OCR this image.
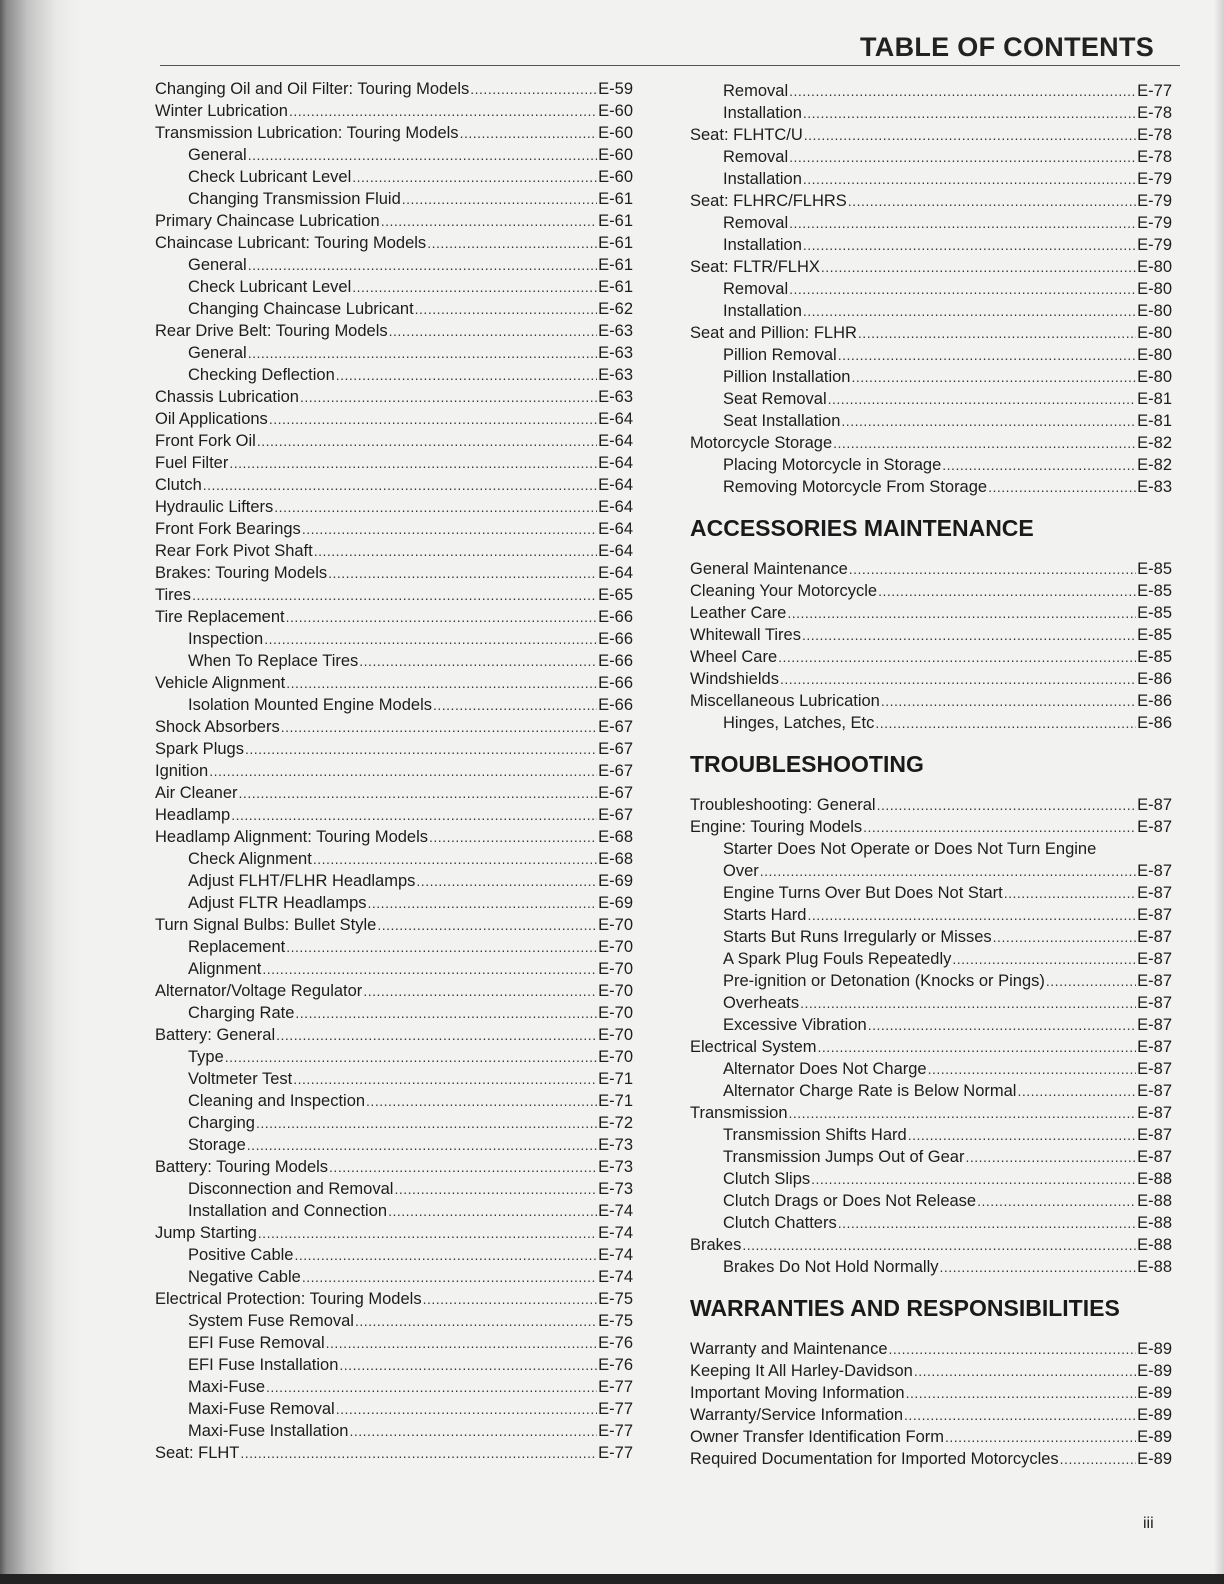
TABLE OF CONTENTS
Changing Oil and Oil Filter: Touring Models .....	E-59
Winter Lubrication .....	E-60
Transmission Lubrication: Touring Models .....	E-60
General .....	E-60
Check Lubricant Level .....	E-60
Changing Transmission Fluid .....	E-61
Primary Chaincase Lubrication .....	E-61
Chaincase Lubricant: Touring Models .....	E-61
General .....	E-61
Check Lubricant Level .....	E-61
Changing Chaincase Lubricant .....	E-62
Rear Drive Belt: Touring Models .....	E-63
General .....	E-63
Checking Deflection .....	E-63
Chassis Lubrication .....	E-63
Oil Applications .....	E-64
Front Fork Oil .....	E-64
Fuel Filter .....	E-64
Clutch .....	E-64
Hydraulic Lifters .....	E-64
Front Fork Bearings .....	E-64
Rear Fork Pivot Shaft .....	E-64
Brakes: Touring Models .....	E-64
Tires .....	E-65
Tire Replacement .....	E-66
Inspection .....	E-66
When To Replace Tires .....	E-66
Vehicle Alignment .....	E-66
Isolation Mounted Engine Models .....	E-66
Shock Absorbers .....	E-67
Spark Plugs .....	E-67
Ignition .....	E-67
Air Cleaner .....	E-67
Headlamp .....	E-67
Headlamp Alignment: Touring Models .....	E-68
Check Alignment .....	E-68
Adjust FLHT/FLHR Headlamps .....	E-69
Adjust FLTR Headlamps .....	E-69
Turn Signal Bulbs: Bullet Style .....	E-70
Replacement .....	E-70
Alignment .....	E-70
Alternator/Voltage Regulator .....	E-70
Charging Rate .....	E-70
Battery: General .....	E-70
Type .....	E-70
Voltmeter Test .....	E-71
Cleaning and Inspection .....	E-71
Charging .....	E-72
Storage .....	E-73
Battery: Touring Models .....	E-73
Disconnection and Removal .....	E-73
Installation and Connection .....	E-74
Jump Starting .....	E-74
Positive Cable .....	E-74
Negative Cable .....	E-74
Electrical Protection: Touring Models .....	E-75
System Fuse Removal .....	E-75
EFI Fuse Removal .....	E-76
EFI Fuse Installation .....	E-76
Maxi-Fuse .....	E-77
Maxi-Fuse Removal .....	E-77
Maxi-Fuse Installation .....	E-77
Seat: FLHT .....	E-77
Removal .....	E-77
Installation .....	E-78
Seat: FLHTC/U .....	E-78
Removal .....	E-78
Installation .....	E-79
Seat: FLHRC/FLHRS .....	E-79
Removal .....	E-79
Installation .....	E-79
Seat: FLTR/FLHX .....	E-80
Removal .....	E-80
Installation .....	E-80
Seat and Pillion: FLHR .....	E-80
Pillion Removal .....	E-80
Pillion Installation .....	E-80
Seat Removal .....	E-81
Seat Installation .....	E-81
Motorcycle Storage .....	E-82
Placing Motorcycle in Storage .....	E-82
Removing Motorcycle From Storage .....	E-83
ACCESSORIES MAINTENANCE
General Maintenance .....	E-85
Cleaning Your Motorcycle .....	E-85
Leather Care .....	E-85
Whitewall Tires .....	E-85
Wheel Care .....	E-85
Windshields .....	E-86
Miscellaneous Lubrication .....	E-86
Hinges, Latches, Etc .....	E-86
TROUBLESHOOTING
Troubleshooting: General .....	E-87
Engine: Touring Models .....	E-87
Starter Does Not Operate or Does Not Turn Engine
Over .....	E-87
Engine Turns Over But Does Not Start .....	E-87
Starts Hard .....	E-87
Starts But Runs Irregularly or Misses .....	E-87
A Spark Plug Fouls Repeatedly .....	E-87
Pre-ignition or Detonation (Knocks or Pings) .....	E-87
Overheats .....	E-87
Excessive Vibration .....	E-87
Electrical System .....	E-87
Alternator Does Not Charge .....	E-87
Alternator Charge Rate is Below Normal .....	E-87
Transmission .....	E-87
Transmission Shifts Hard .....	E-87
Transmission Jumps Out of Gear .....	E-87
Clutch Slips .....	E-88
Clutch Drags or Does Not Release .....	E-88
Clutch Chatters .....	E-88
Brakes .....	E-88
Brakes Do Not Hold Normally .....	E-88
WARRANTIES AND RESPONSIBILITIES
Warranty and Maintenance .....	E-89
Keeping It All Harley-Davidson .....	E-89
Important Moving Information .....	E-89
Warranty/Service Information .....	E-89
Owner Transfer Identification Form .....	E-89
Required Documentation for Imported Motorcycles .....	E-89
iii
